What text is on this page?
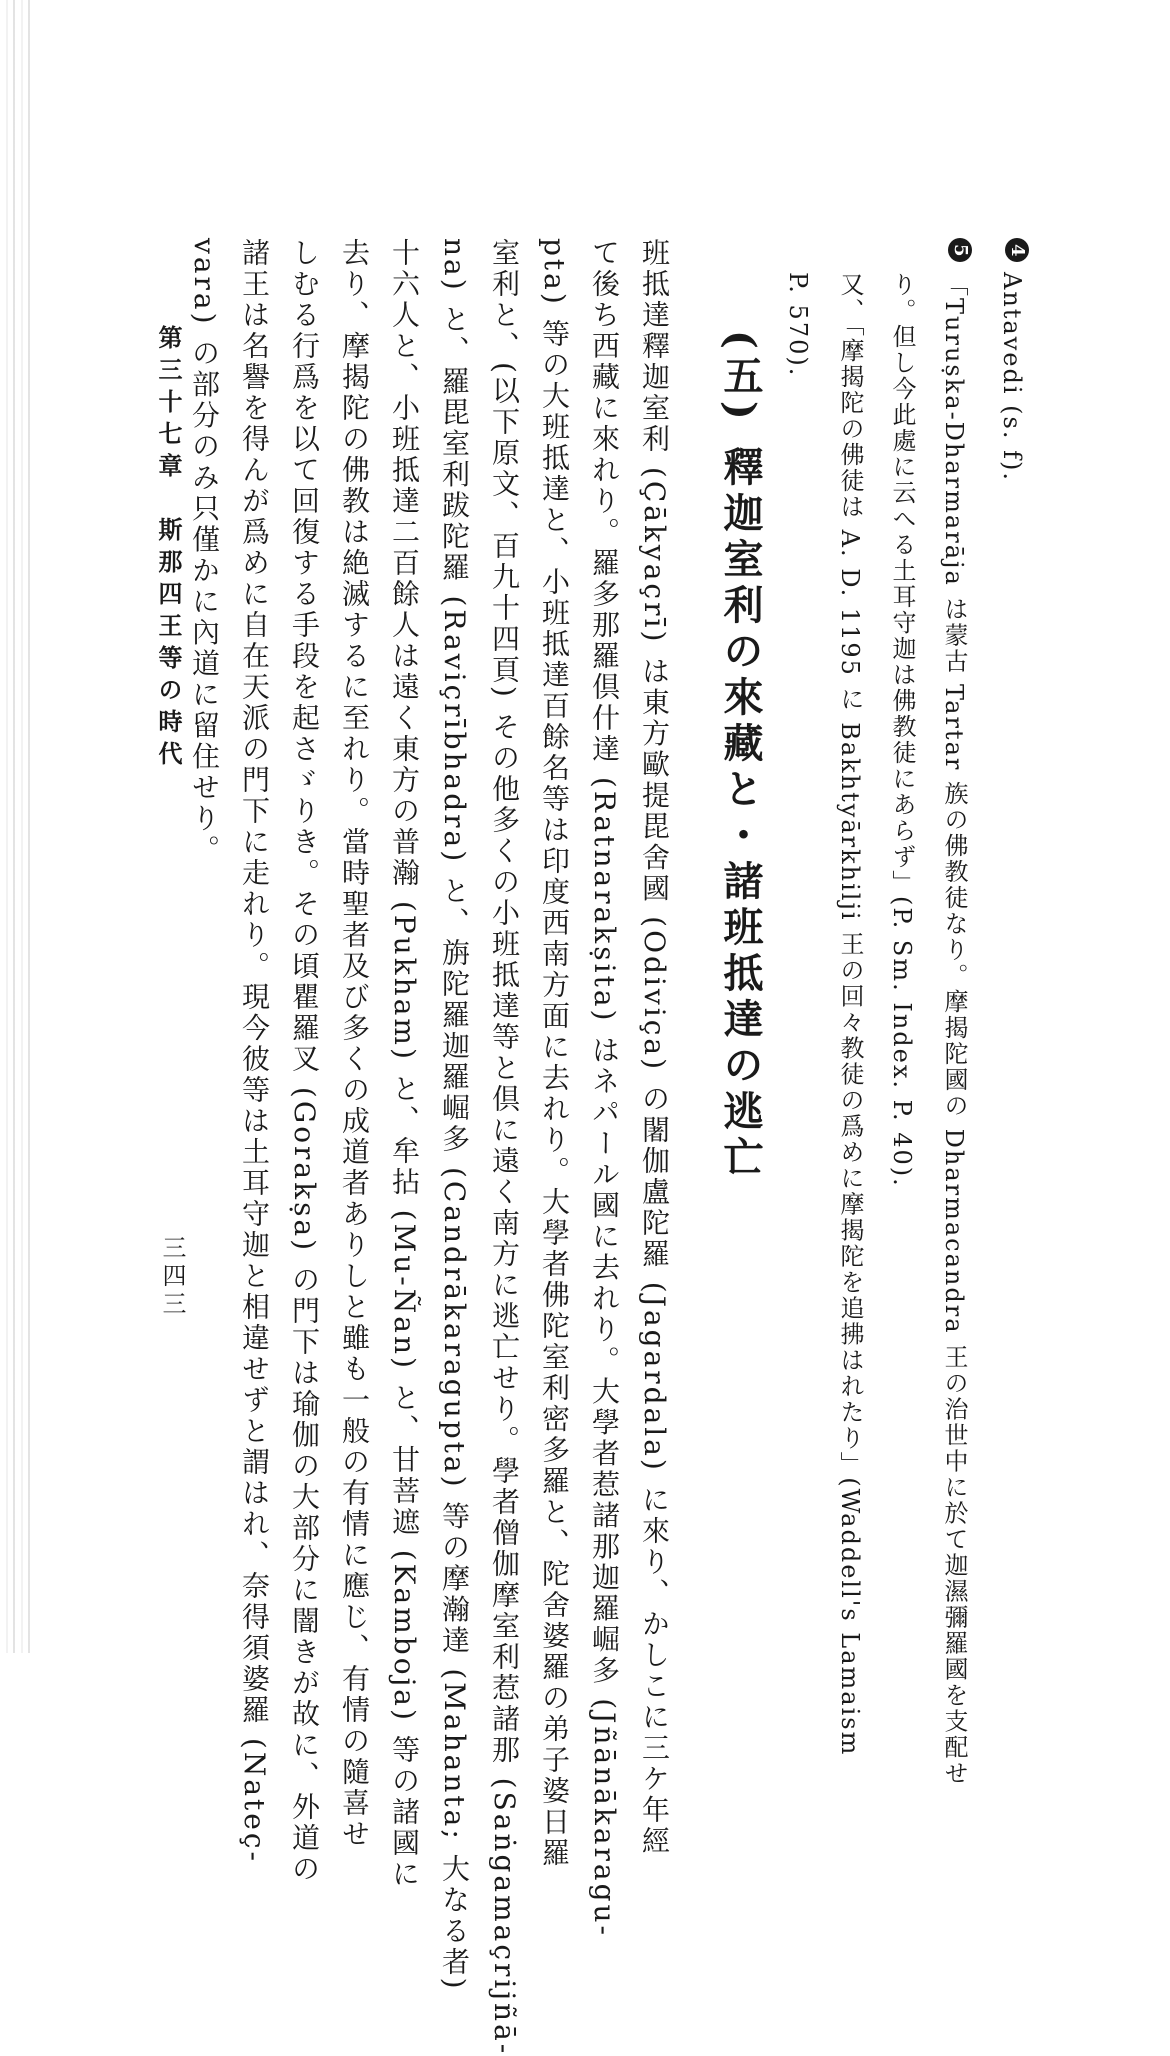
4
5
Antavedi (s. f).
「Turuṣka-Dharmarāja は蒙古 Tartar 族の佛教徒なり。摩揭陀國の Dharmacandra 王の治世中に於て迦濕彌羅國を支配せ
り。但し今此處に云へる土耳守迦は佛教徒にあらず」(P. Sm. Index. P. 40).
又、「摩揭陀の佛徒は A. D. 1195 に Bakhtyārkhilji 王の回々教徒の爲めに摩揭陀を追拂はれたり」(Waddell's Lamaism
P. 570).
(五) 釋迦室利の來藏と・諸班抵達の逃亡
班抵達釋迦室利 (Çākyaçrī) は東方歐提毘舍國 (Odiviça) の闍伽盧陀羅 (Jagardala) に來り、かしこに三ケ年經
て後ち西藏に來れり。羅多那羅倶什達 (Ratnarakṣita) はネパール國に去れり。大學者惹諸那迦羅崛多 (Jñānākaragu-
pta) 等の大班抵達と、小班抵達百餘名等は印度西南方面に去れり。大學者佛陀室利密多羅と、陀舍婆羅の弟子婆日羅
室利と、(以下原文、百九十四頁) その他多くの小班抵達等と倶に遠く南方に逃亡せり。學者僧伽摩室利惹諸那 (Saṅgamaçrijñā-
na) と、羅毘室利跋陀羅 (Raviçrībhadra) と、旃陀羅迦羅崛多 (Candrākaragupta) 等の摩瀚達 (Mahanta; 大なる者)
十六人と、小班抵達二百餘人は遠く東方の普瀚 (Pukham) と、牟拈 (Mu-Ñan) と、甘菩遮 (Kamboja) 等の諸國に
去り、摩揭陀の佛教は絶滅するに至れり。當時聖者及び多くの成道者ありしと雖も一般の有情に應じ、有情の隨喜せ
しむる行爲を以て回復する手段を起さゞりき。その頃瞿羅叉 (Gorakṣa) の門下は瑜伽の大部分に闇きが故に、外道の
諸王は名譽を得んが爲めに自在天派の門下に走れり。現今彼等は土耳守迦と相違せずと謂はれ、奈得須婆羅 (Nateç-
vara) の部分のみ只僅かに內道に留住せり。
第三十七章　斯那四王等の時代
三四三
